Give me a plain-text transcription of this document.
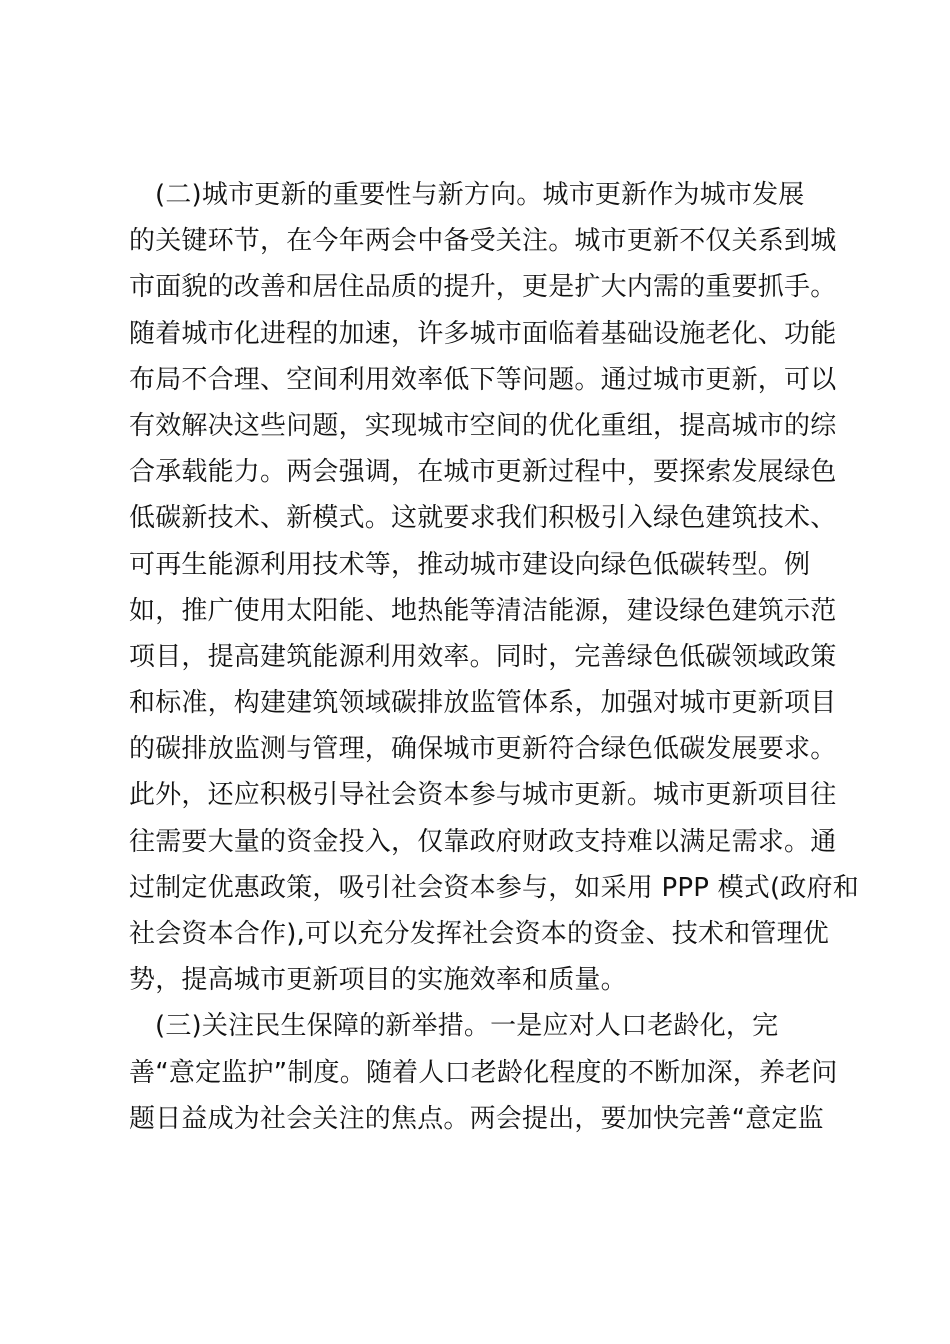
(二)城市更新的重要性与新方向。城市更新作为城市发展
的关键环节，在今年两会中备受关注。城市更新不仅关系到城
市面貌的改善和居住品质的提升，更是扩大内需的重要抓手。
随着城市化进程的加速，许多城市面临着基础设施老化、功能
布局不合理、空间利用效率低下等问题。通过城市更新，可以
有效解决这些问题，实现城市空间的优化重组，提高城市的综
合承载能力。两会强调，在城市更新过程中，要探索发展绿色
低碳新技术、新模式。这就要求我们积极引入绿色建筑技术、
可再生能源利用技术等，推动城市建设向绿色低碳转型。例
如，推广使用太阳能、地热能等清洁能源，建设绿色建筑示范
项目，提高建筑能源利用效率。同时，完善绿色低碳领域政策
和标准，构建建筑领域碳排放监管体系，加强对城市更新项目
的碳排放监测与管理，确保城市更新符合绿色低碳发展要求。
此外，还应积极引导社会资本参与城市更新。城市更新项目往
往需要大量的资金投入，仅靠政府财政支持难以满足需求。通
过制定优惠政策，吸引社会资本参与，如采用 PPP 模式(政府和
社会资本合作),可以充分发挥社会资本的资金、技术和管理优
势，提高城市更新项目的实施效率和质量。
(三)关注民生保障的新举措。一是应对人口老龄化，完
善“意定监护”制度。随着人口老龄化程度的不断加深，养老问
题日益成为社会关注的焦点。两会提出，要加快完善“意定监
